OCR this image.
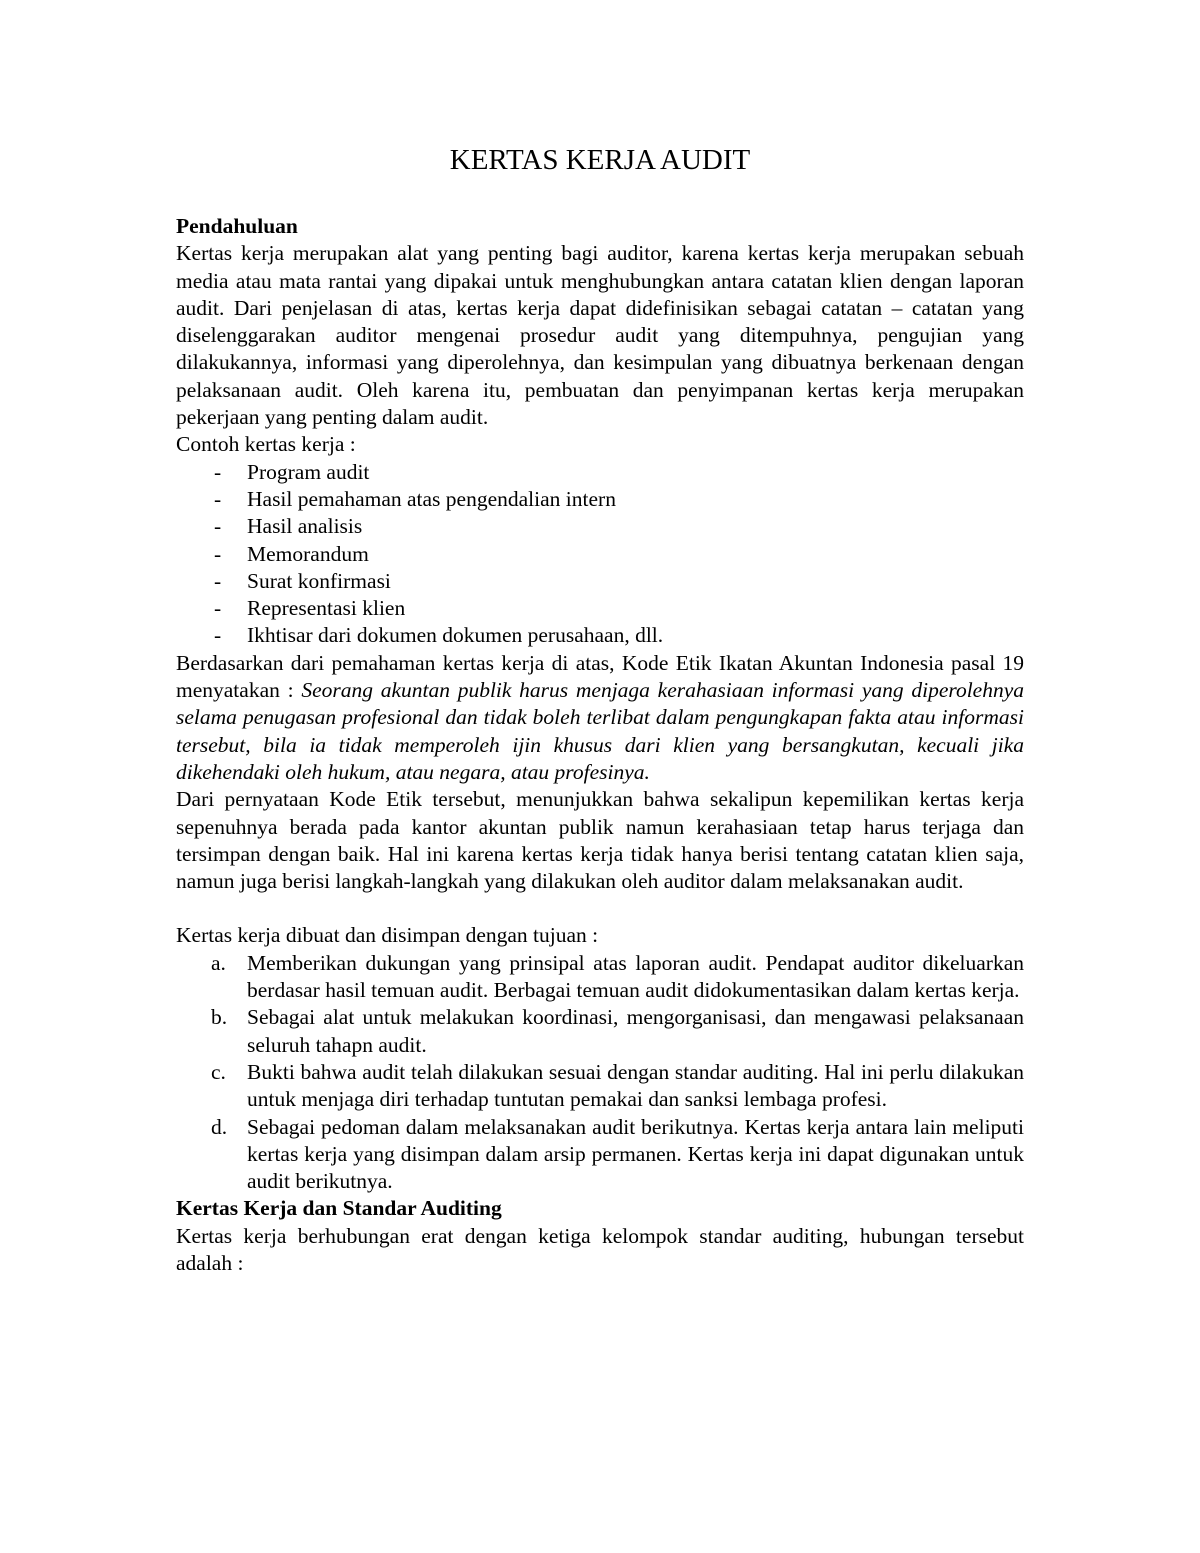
KERTAS KERJA AUDIT

Pendahuluan

Kertas kerja merupakan alat yang penting bagi auditor, karena kertas kerja merupakan sebuah media atau mata rantai yang dipakai untuk menghubungkan antara catatan klien dengan laporan audit. Dari penjelasan di atas, kertas kerja dapat didefinisikan sebagai catatan – catatan yang diselenggarakan auditor mengenai prosedur audit yang ditempuhnya, pengujian yang dilakukannya, informasi yang diperolehnya, dan kesimpulan yang dibuatnya berkenaan dengan pelaksanaan audit. Oleh karena itu, pembuatan dan penyimpanan kertas kerja merupakan pekerjaan yang penting dalam audit.

Contoh kertas kerja :

- Program audit
- Hasil pemahaman atas pengendalian intern
- Hasil analisis
- Memorandum
- Surat konfirmasi
- Representasi klien
- Ikhtisar dari dokumen dokumen perusahaan, dll.

Berdasarkan dari pemahaman kertas kerja di atas, Kode Etik Ikatan Akuntan Indonesia pasal 19 menyatakan : Seorang akuntan publik harus menjaga kerahasiaan informasi yang diperolehnya selama penugasan profesional dan tidak boleh terlibat dalam pengungkapan fakta atau informasi tersebut, bila ia tidak memperoleh ijin khusus dari klien yang bersangkutan, kecuali jika dikehendaki oleh hukum, atau negara, atau profesinya.

Dari pernyataan Kode Etik tersebut, menunjukkan bahwa sekalipun kepemilikan kertas kerja sepenuhnya berada pada kantor akuntan publik namun kerahasiaan tetap harus terjaga dan tersimpan dengan baik. Hal ini karena kertas kerja tidak hanya berisi tentang catatan klien saja, namun juga berisi langkah-langkah yang dilakukan oleh auditor dalam melaksanakan audit.

Kertas kerja dibuat dan disimpan dengan tujuan :

a. Memberikan dukungan yang prinsipal atas laporan audit. Pendapat auditor dikeluarkan berdasar hasil temuan audit. Berbagai temuan audit didokumentasikan dalam kertas kerja.
b. Sebagai alat untuk melakukan koordinasi, mengorganisasi, dan mengawasi pelaksanaan seluruh tahapn audit.
c. Bukti bahwa audit telah dilakukan sesuai dengan standar auditing. Hal ini perlu dilakukan untuk menjaga diri terhadap tuntutan pemakai dan sanksi lembaga profesi.
d. Sebagai pedoman dalam melaksanakan audit berikutnya. Kertas kerja antara lain meliputi kertas kerja yang disimpan dalam arsip permanen. Kertas kerja ini dapat digunakan untuk audit berikutnya.

Kertas Kerja dan Standar Auditing

Kertas kerja berhubungan erat dengan ketiga kelompok standar auditing, hubungan tersebut adalah :
